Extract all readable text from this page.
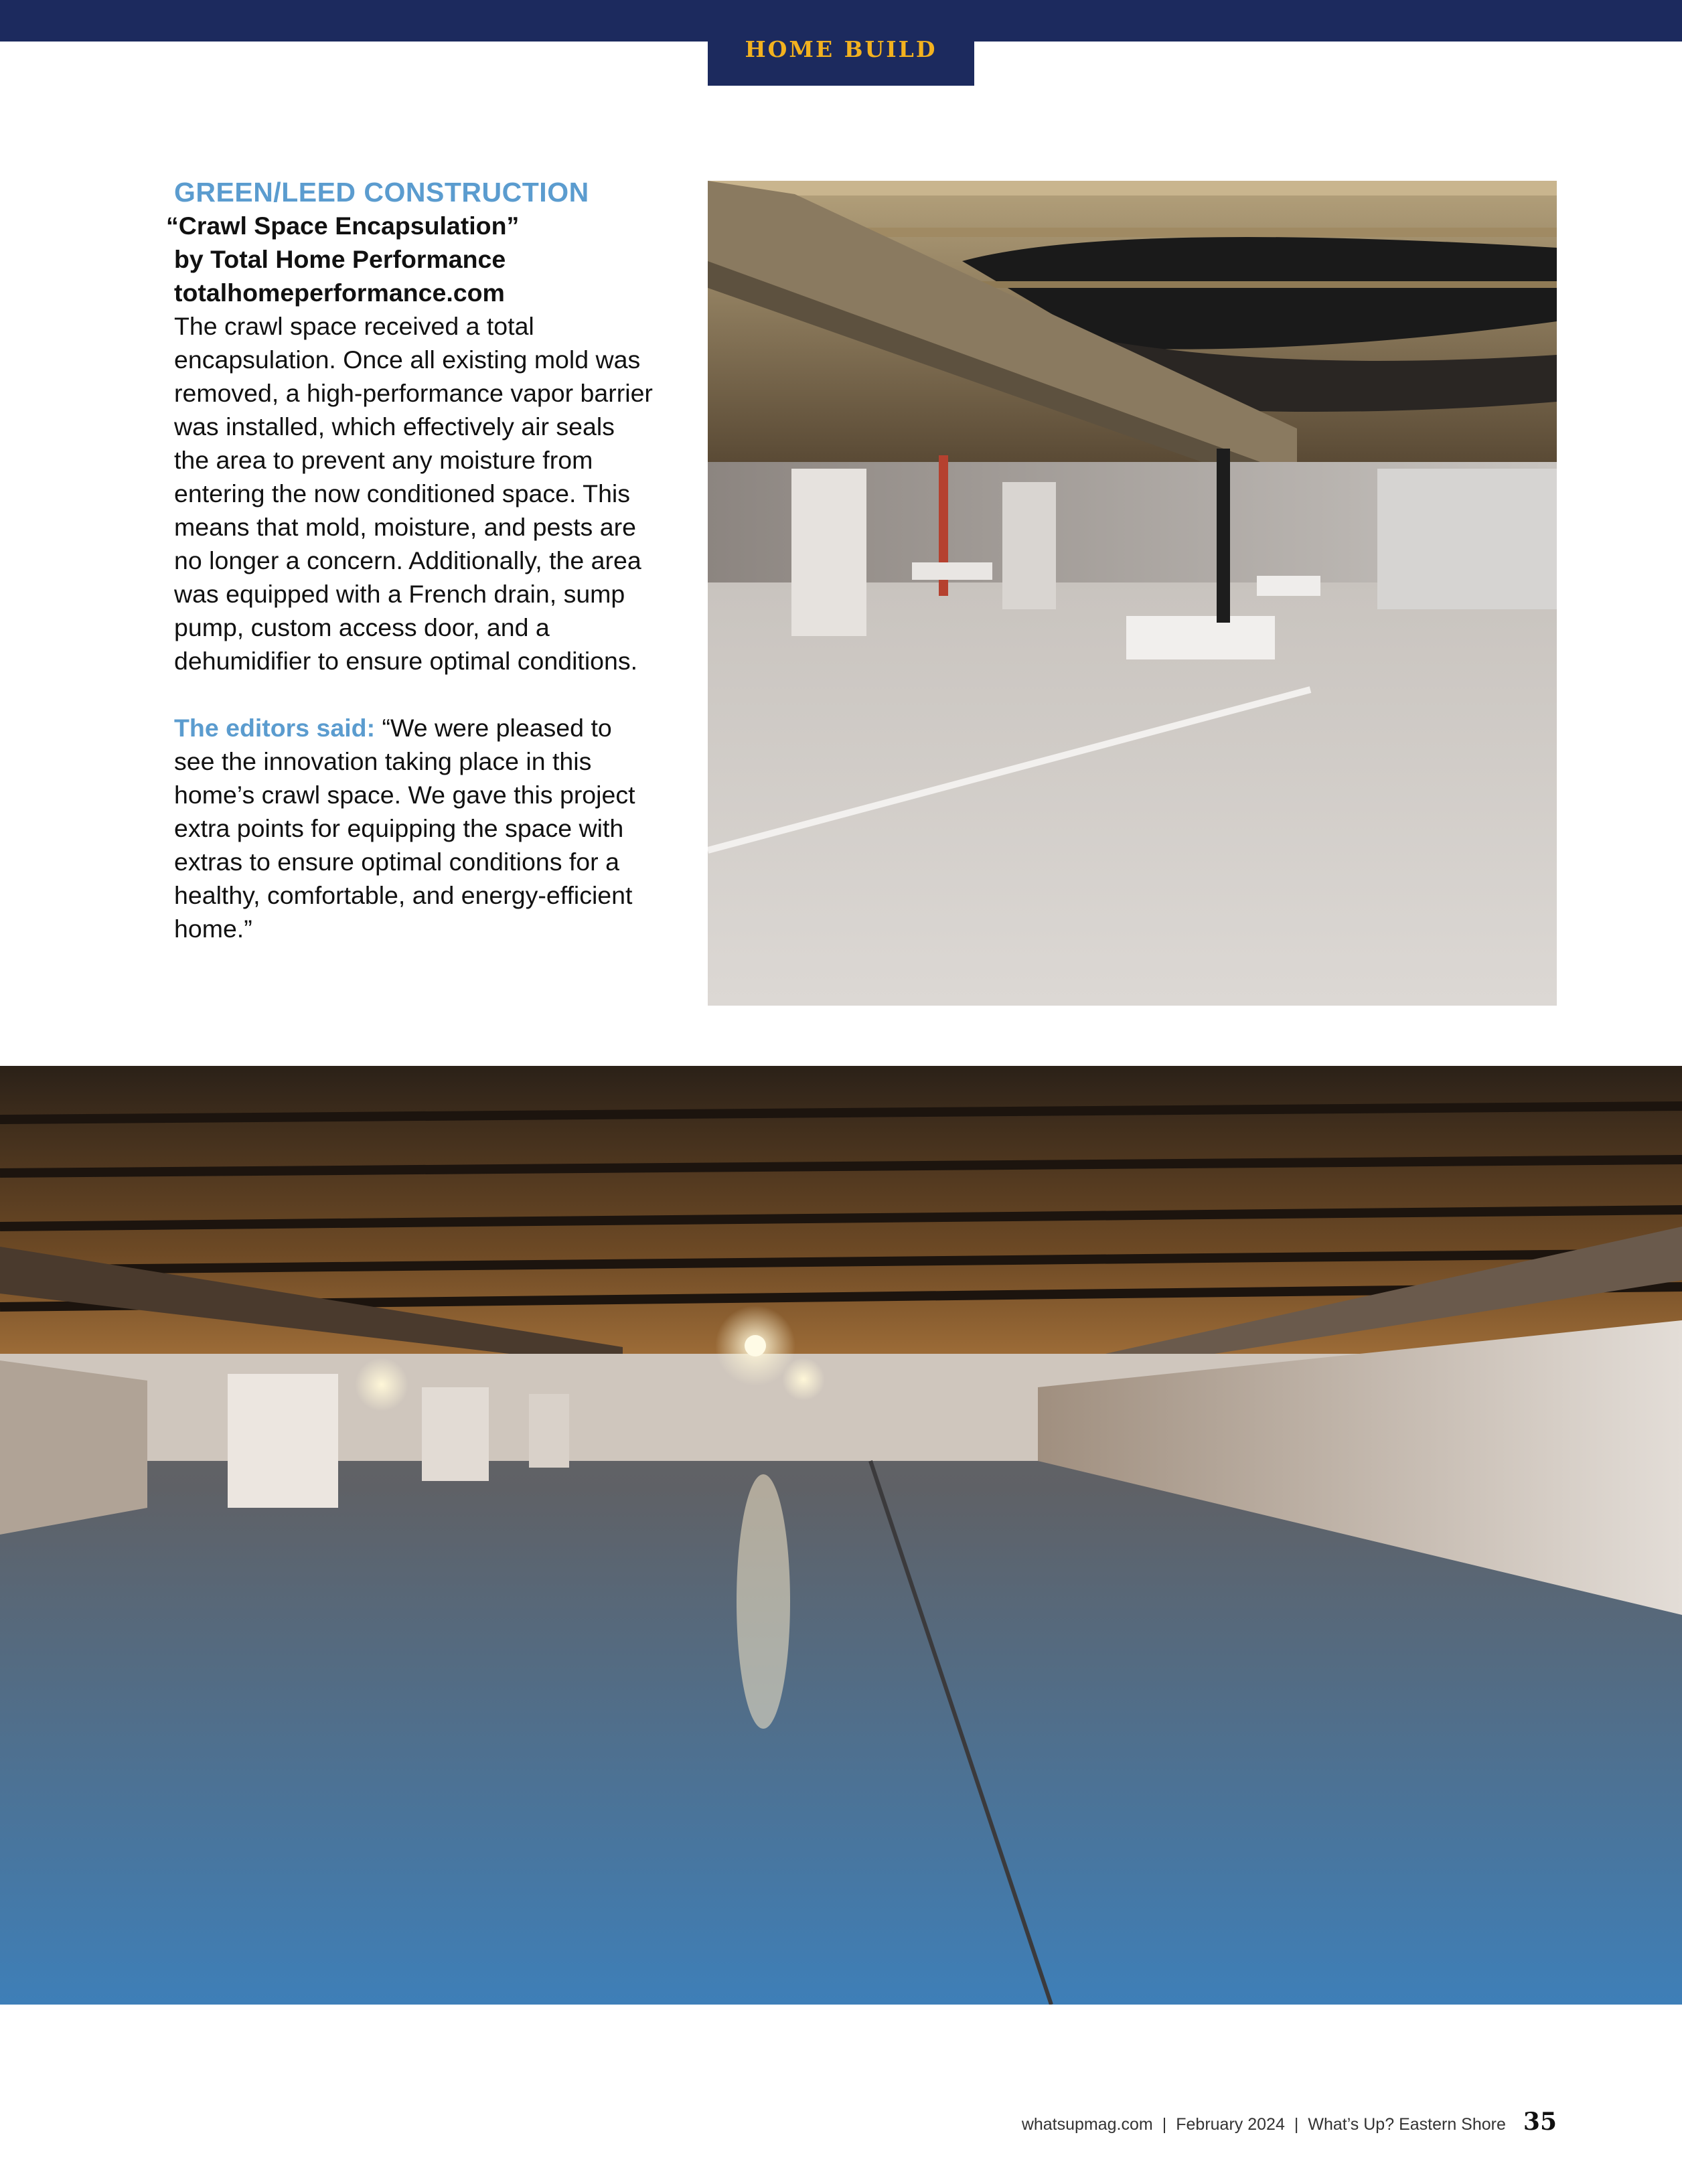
HOME BUILD

GREEN/LEED CONSTRUCTION

“Crawl Space Encapsulation”

by Total Home Performance

totalhomeperformance.com

The crawl space received a total encapsulation. Once all existing mold was removed, a high-performance vapor barrier was installed, which effectively air seals the area to prevent any moisture from entering the now conditioned space. This means that mold, moisture, and pests are no longer a concern. Additionally, the area was equipped with a French drain, sump pump, custom access door, and a dehumidifier to ensure optimal conditions.

The editors said: “We were pleased to see the innovation taking place in this home’s crawl space. We gave this project extra points for equipping the space with extras to ensure optimal conditions for a healthy, comfortable, and energy-efficient home.”

whatsupmag.com | February 2024 | What’s Up? Eastern Shore 35
